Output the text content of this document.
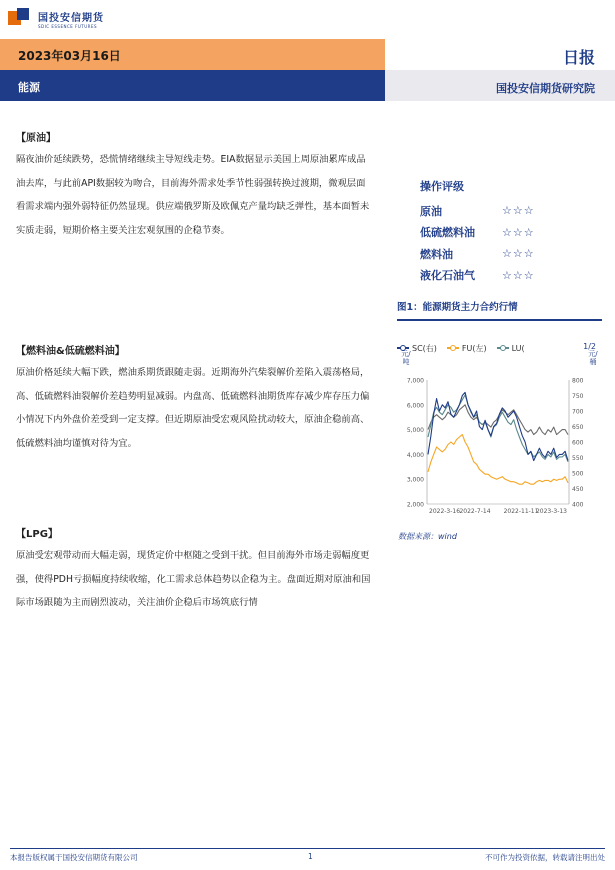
国投安信期货
SDIC ESSENCE FUTURES
2023年03月16日
能源
日报
国投安信期货研究院
【原油】
隔夜油价延续跌势，恐慌情绪继续主导短线走势。EIA数据显示美国上周原油累库成品油去库，与此前API数据较为吻合，目前海外需求处季节性弱强转换过渡期，微观层面看需求端内强外弱特征仍然显现。供应端俄罗斯及欧佩克产量均缺乏弹性，基本面暂未实质走弱，短期价格主要关注宏观氛围的企稳节奏。
【燃料油&低硫燃料油】
原油价格延续大幅下跌，燃油系期货跟随走弱。近期海外汽柴裂解价差陷入震荡格局，高、低硫燃料油裂解价差趋势明显减弱。内盘高、低硫燃料油期货库存减少库存压力偏小情况下内外盘价差受到一定支撑。但近期原油受宏观风险扰动较大，原油企稳前高、低硫燃料油均谨慎对待为宜。
【LPG】
原油受宏观带动而大幅走弱，现货定价中枢随之受到干扰。但目前海外市场走弱幅度更强，使得PDH亏损幅度持续收缩，化工需求总体趋势以企稳为主。盘面近期对原油和国际市场跟随为主而剧烈波动，关注油价企稳后市场筑底行情
操作评级
原油	☆☆☆
低硫燃料油	☆☆☆
燃料油	☆☆☆
液化石油气	☆☆☆
图1：能源期货主力合约行情
SC(右)	FU(左)	LU(	1/2
元/吨
元/桶
2,000
3,000
4,000
5,000
6,000
7,000
400
450
500
550
600
650
700
750
800
2022-3-16 2022-7-14 2022-11-11
2023-3-13
数据来源：wind
本报告版权属于国投安信期货有限公司	1	不可作为投资依据，转载请注明出处
